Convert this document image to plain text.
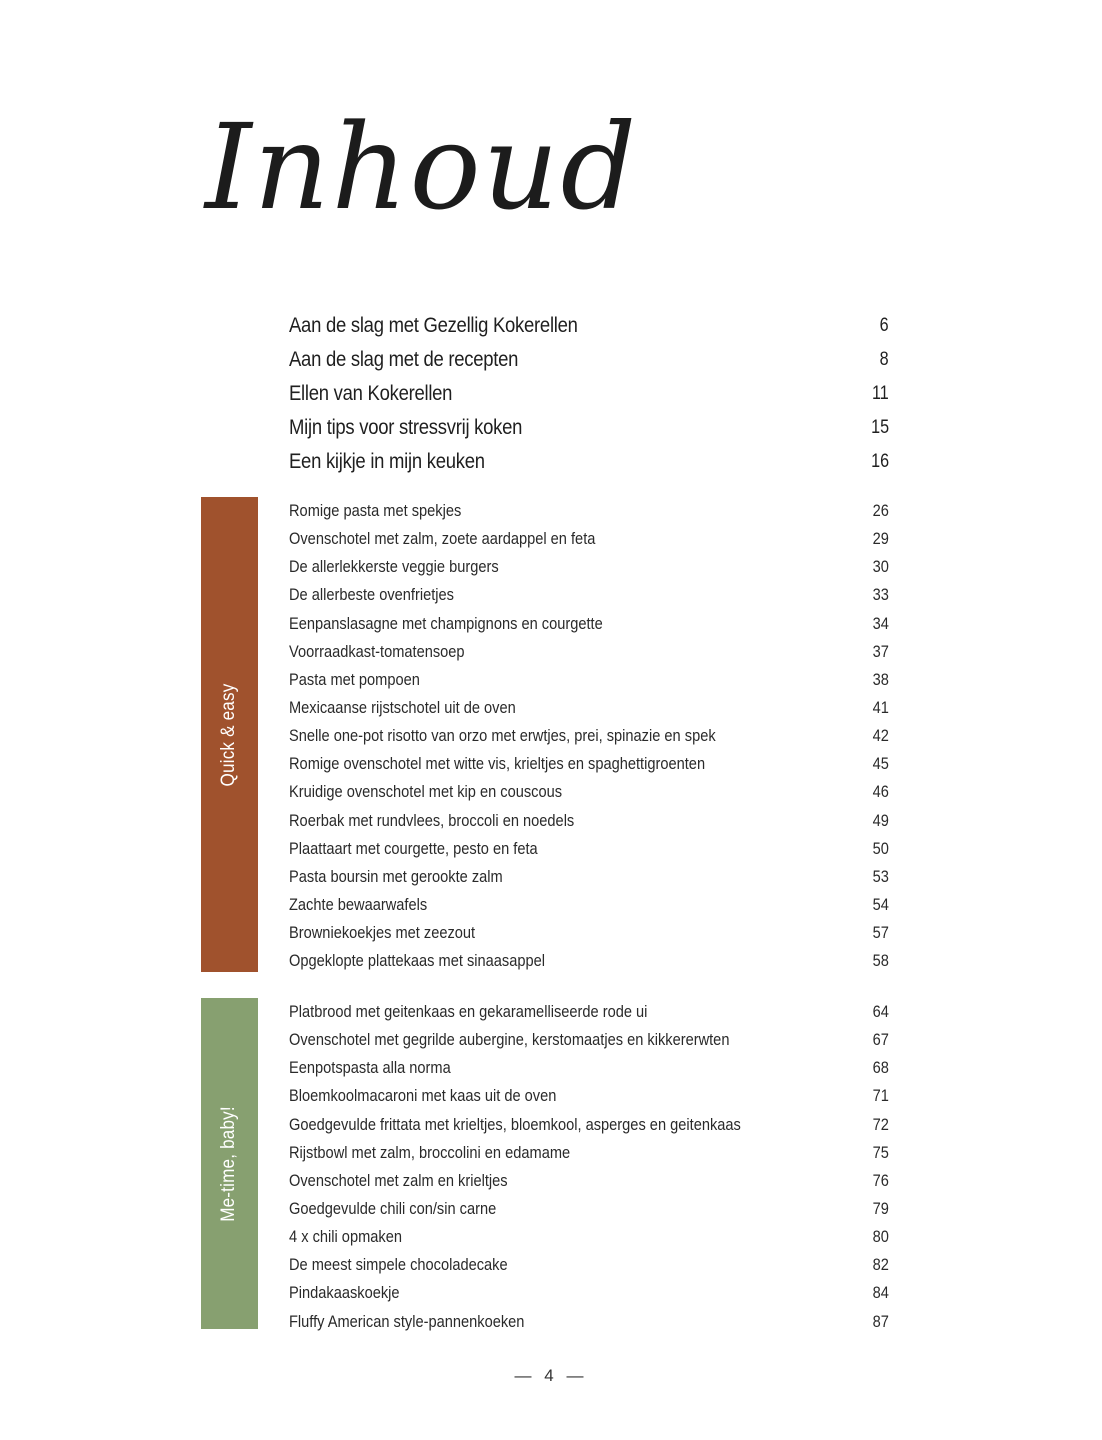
Inhoud
Aan de slag met Gezellig Kokerellen	6
Aan de slag met de recepten	8
Ellen van Kokerellen	11
Mijn tips voor stressvrij koken	15
Een kijkje in mijn keuken	16
Quick & easy
Romige pasta met spekjes	26
Ovenschotel met zalm, zoete aardappel en feta	29
De allerlekkerste veggie burgers	30
De allerbeste ovenfrietjes	33
Eenpanslasagne met champignons en courgette	34
Voorraadkast-tomatensoep	37
Pasta met pompoen	38
Mexicaanse rijstschotel uit de oven	41
Snelle one-pot risotto van orzo met erwtjes, prei, spinazie en spek	42
Romige ovenschotel met witte vis, krieltjes en spaghettigroenten	45
Kruidige ovenschotel met kip en couscous	46
Roerbak met rundvlees, broccoli en noedels	49
Plaattaart met courgette, pesto en feta	50
Pasta boursin met gerookte zalm	53
Zachte bewaarwafels	54
Browniekoekjes met zeezout	57
Opgeklopte plattekaas met sinaasappel	58
Me-time, baby!
Platbrood met geitenkaas en gekaramelliseerde rode ui	64
Ovenschotel met gegrilde aubergine, kerstomaatjes en kikkererwten	67
Eenpotspasta alla norma	68
Bloemkoolmacaroni met kaas uit de oven	71
Goedgevulde frittata met krieltjes, bloemkool, asperges en geitenkaas	72
Rijstbowl met zalm, broccolini en edamame	75
Ovenschotel met zalm en krieltjes	76
Goedgevulde chili con/sin carne	79
4 x chili opmaken	80
De meest simpele chocoladecake	82
Pindakaaskoekje	84
Fluffy American style-pannenkoeken	87
— 4 —
